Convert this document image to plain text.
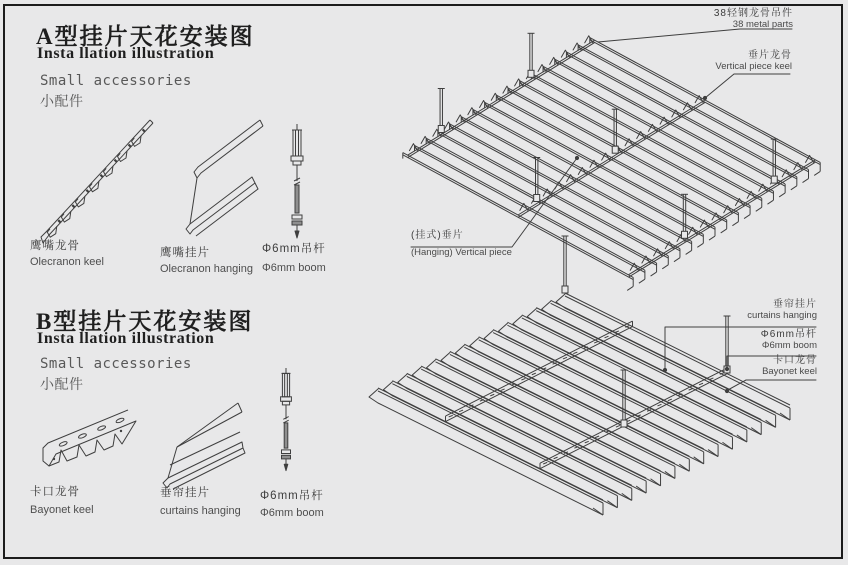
A型挂片天花安装图
Insta llation illustration
Small accessories
小配件
鹰嘴龙骨
Olecranon keel
鹰嘴挂片
Olecranon hanging
Φ6mm吊杆
Φ6mm boom
38轻钢龙骨吊件
38 metal parts
垂片龙骨
Vertical piece keel
(挂式)垂片
(Hanging) Vertical piece
B型挂片天花安装图
Insta llation illustration
Small accessories
小配件
卡口龙骨
Bayonet keel
垂帘挂片
curtains hanging
Φ6mm吊杆
Φ6mm boom
垂帘挂片
curtains hanging
Φ6mm吊杆
Φ6mm boom
卡口龙骨
Bayonet keel
